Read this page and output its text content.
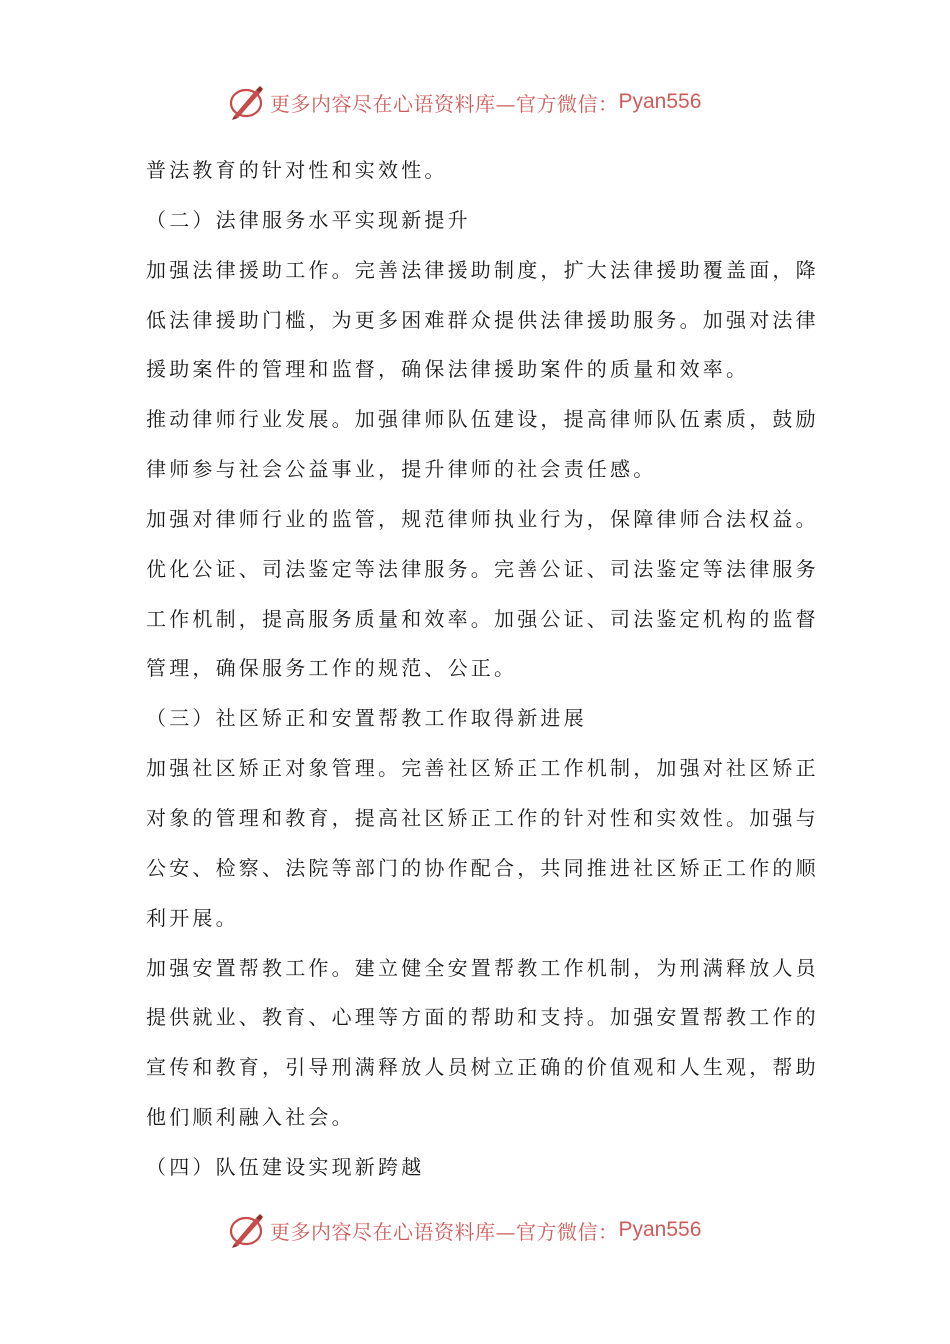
更多内容尽在心语资料库—官方微信： Pyan556
普法教育的针对性和实效性。
（二）法律服务水平实现新提升
加强法律援助工作。完善法律援助制度，扩大法律援助覆盖面，降
低法律援助门槛，为更多困难群众提供法律援助服务。加强对法律
援助案件的管理和监督，确保法律援助案件的质量和效率。
推动律师行业发展。加强律师队伍建设，提高律师队伍素质，鼓励
律师参与社会公益事业，提升律师的社会责任感。
加强对律师行业的监管，规范律师执业行为，保障律师合法权益。
优化公证、司法鉴定等法律服务。完善公证、司法鉴定等法律服务
工作机制，提高服务质量和效率。加强公证、司法鉴定机构的监督
管理，确保服务工作的规范、公正。
（三）社区矫正和安置帮教工作取得新进展
加强社区矫正对象管理。完善社区矫正工作机制，加强对社区矫正
对象的管理和教育，提高社区矫正工作的针对性和实效性。加强与
公安、检察、法院等部门的协作配合，共同推进社区矫正工作的顺
利开展。
加强安置帮教工作。建立健全安置帮教工作机制，为刑满释放人员
提供就业、教育、心理等方面的帮助和支持。加强安置帮教工作的
宣传和教育，引导刑满释放人员树立正确的价值观和人生观，帮助
他们顺利融入社会。
（四）队伍建设实现新跨越
更多内容尽在心语资料库—官方微信： Pyan556
